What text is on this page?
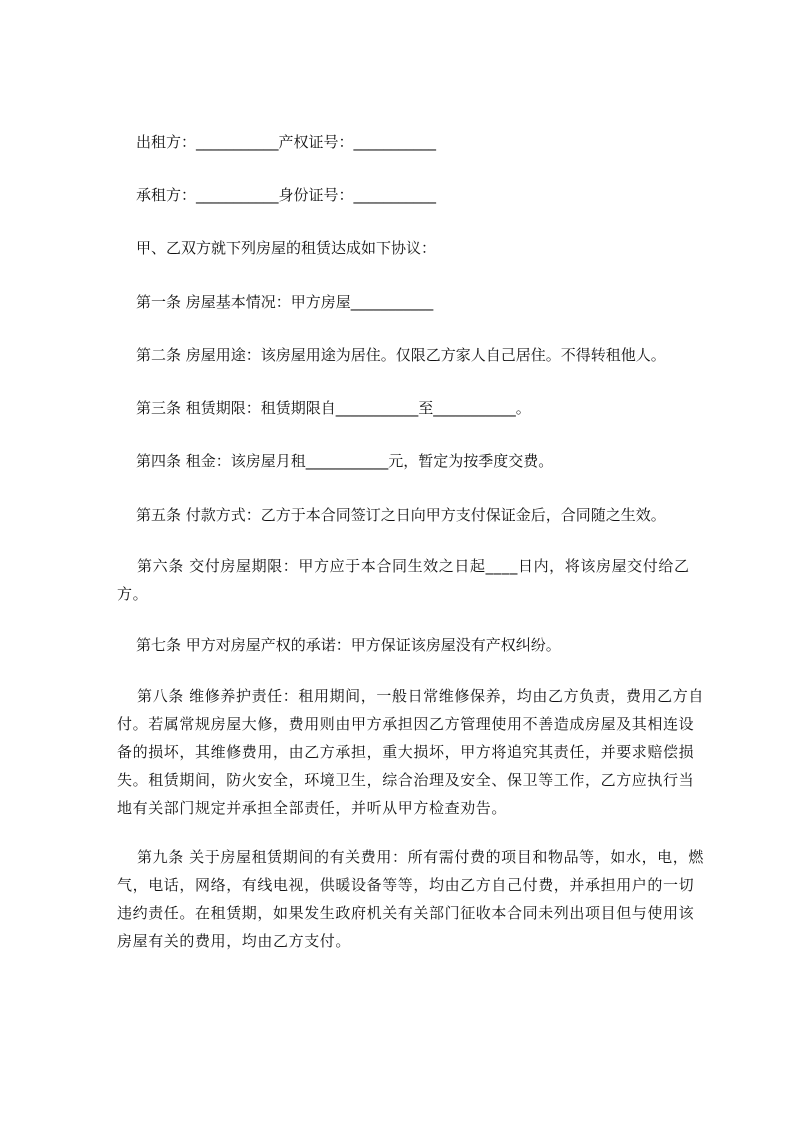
出租方：___________产权证号：___________
承租方：___________身份证号：___________
甲、乙双方就下列房屋的租赁达成如下协议：
第一条 房屋基本情况：甲方房屋___________
第二条 房屋用途：该房屋用途为居住。仅限乙方家人自己居住。不得转租他人。
第三条 租赁期限：租赁期限自___________至___________。
第四条 租金：该房屋月租___________元，暂定为按季度交费。
第五条 付款方式：乙方于本合同签订之日向甲方支付保证金后，合同随之生效。
第六条 交付房屋期限：甲方应于本合同生效之日起____日内，将该房屋交付给乙方。
第七条 甲方对房屋产权的承诺：甲方保证该房屋没有产权纠纷。
第八条 维修养护责任：租用期间，一般日常维修保养，均由乙方负责，费用乙方自付。若属常规房屋大修，费用则由甲方承担因乙方管理使用不善造成房屋及其相连设备的损坏，其维修费用，由乙方承担，重大损坏，甲方将追究其责任，并要求赔偿损失。租赁期间，防火安全，环境卫生，综合治理及安全、保卫等工作，乙方应执行当地有关部门规定并承担全部责任，并听从甲方检查劝告。
第九条 关于房屋租赁期间的有关费用：所有需付费的项目和物品等，如水，电，燃气，电话，网络，有线电视，供暖设备等等，均由乙方自己付费，并承担用户的一切违约责任。在租赁期，如果发生政府机关有关部门征收本合同未列出项目但与使用该房屋有关的费用，均由乙方支付。
